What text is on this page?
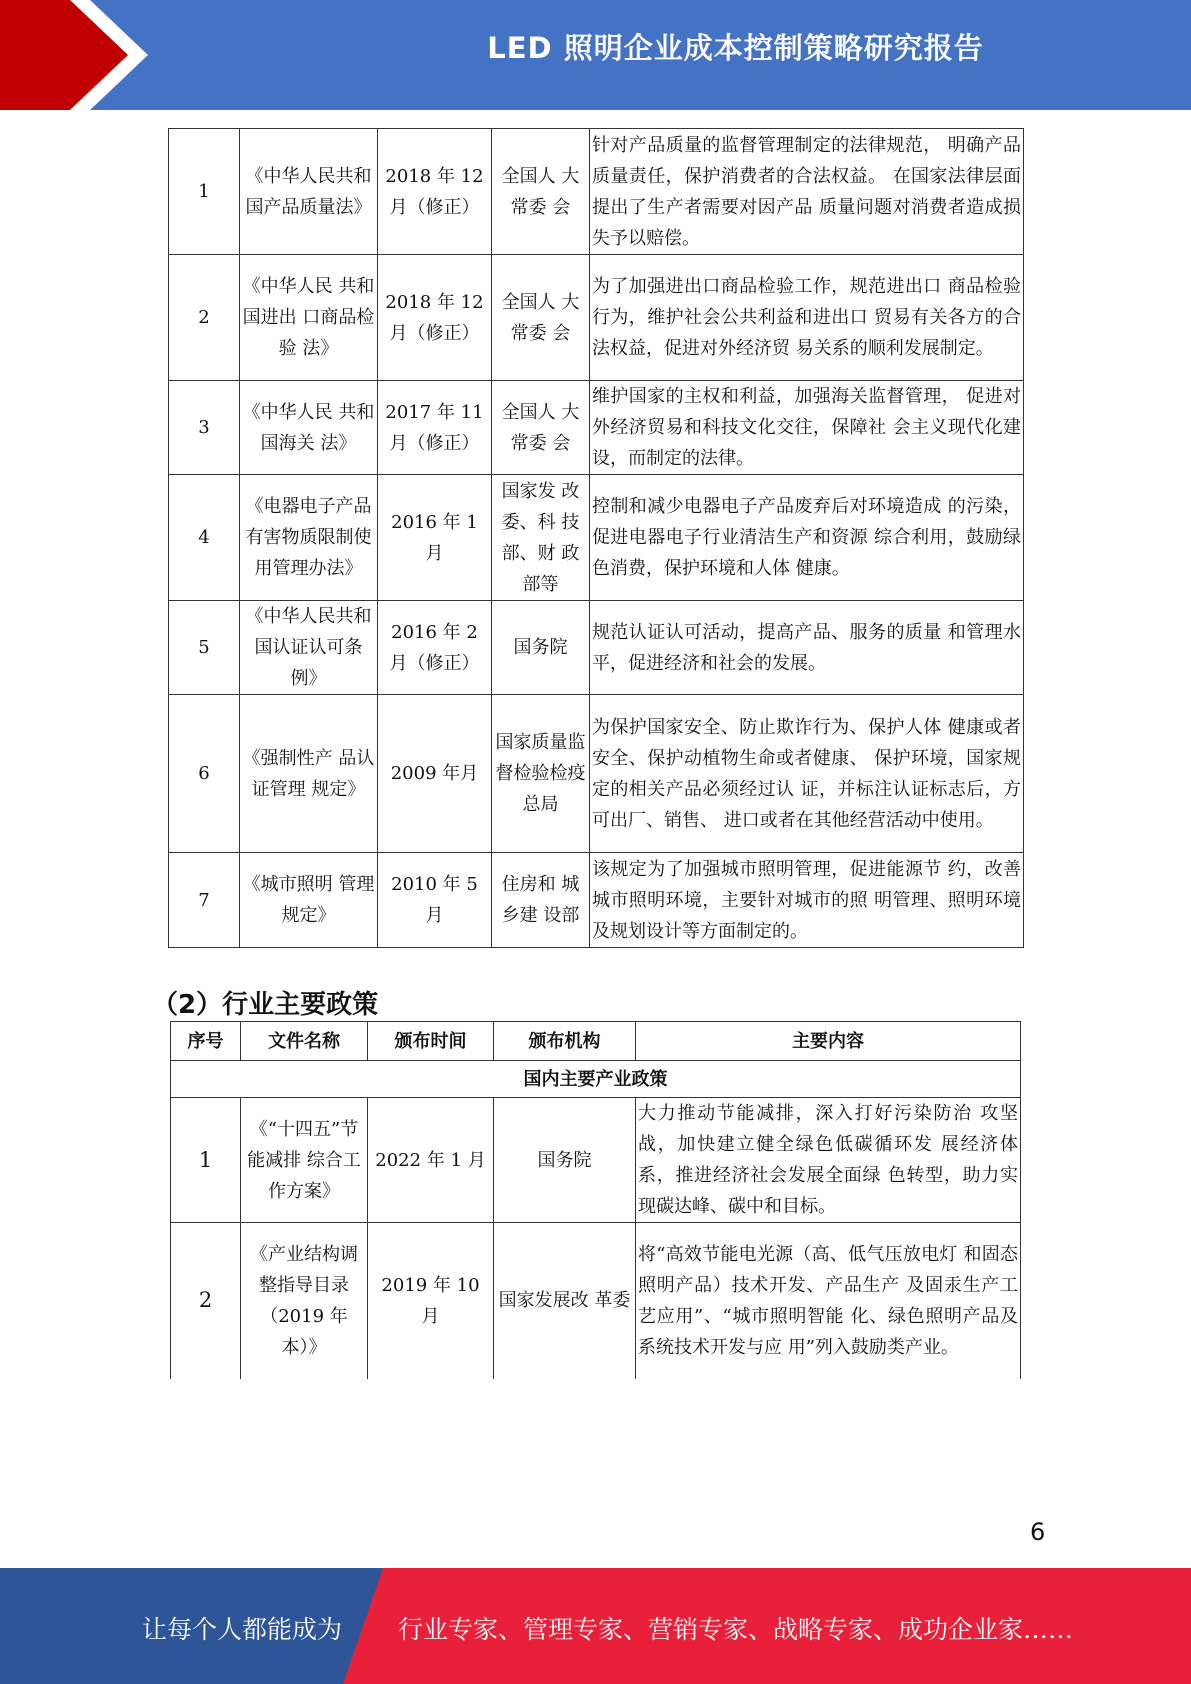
LED 照明企业成本控制策略研究报告
1	《中华人民共和国产品质量法》	2018 年 12 月（修正）	全国人 大常委 会	针对产品质量的监督管理制定的法律规范， 明确产品质量责任，保护消费者的合法权益。 在国家法律层面提出了生产者需要对因产品 质量问题对消费者造成损失予以赔偿。
2	《中华人民 共和国进出 口商品检验 法》	2018 年 12 月（修正）	全国人 大常委 会	为了加强进出口商品检验工作，规范进出口 商品检验行为，维护社会公共利益和进出口 贸易有关各方的合法权益，促进对外经济贸 易关系的顺利发展制定。
3	《中华人民 共和国海关 法》	2017 年 11 月（修正）	全国人 大常委 会	维护国家的主权和利益，加强海关监督管理， 促进对外经济贸易和科技文化交往，保障社 会主义现代化建设，而制定的法律。
4	《电器电子产品有害物质限制使用管理办法》	2016 年 1 月	国家发 改委、科 技部、财 政部等	控制和减少电器电子产品废弃后对环境造成 的污染，促进电器电子行业清洁生产和资源 综合利用，鼓励绿色消费，保护环境和人体 健康。
5	《中华人民共和国认证认可条例》	2016 年 2 月（修正）	国务院	规范认证认可活动，提高产品、服务的质量 和管理水平，促进经济和社会的发展。
6	《强制性产 品认证管理 规定》	2009 年月	国家质量监督检验检疫总局	为保护国家安全、防止欺诈行为、保护人体 健康或者安全、保护动植物生命或者健康、 保护环境，国家规定的相关产品必须经过认 证，并标注认证标志后，方可出厂、销售、 进口或者在其他经营活动中使用。
7	《城市照明 管理规定》	2010 年 5 月	住房和 城乡建 设部	该规定为了加强城市照明管理，促进能源节 约，改善城市照明环境，主要针对城市的照 明管理、照明环境及规划设计等方面制定的。
（2）行业主要政策
序号	文件名称	颁布时间	颁布机构	主要内容
国内主要产业政策				
1	《“十四五”节能减排 综合工作方案》	2022 年 1 月	国务院	大力推动节能减排，深入打好污染防治 攻坚战，加快建立健全绿色低碳循环发 展经济体系，推进经济社会发展全面绿 色转型，助力实现碳达峰、碳中和目标。
2	《产业结构调整指导目录（2019 年本）》	2019 年 10 月	国家发展改 革委	将“高效节能电光源（高、低气压放电灯 和固态照明产品）技术开发、产品生产 及固汞生产工艺应用”、“城市照明智能 化、绿色照明产品及系统技术开发与应 用”列入鼓励类产业。
6
让每个人都能成为 行业专家、管理专家、营销专家、战略专家、成功企业家……
